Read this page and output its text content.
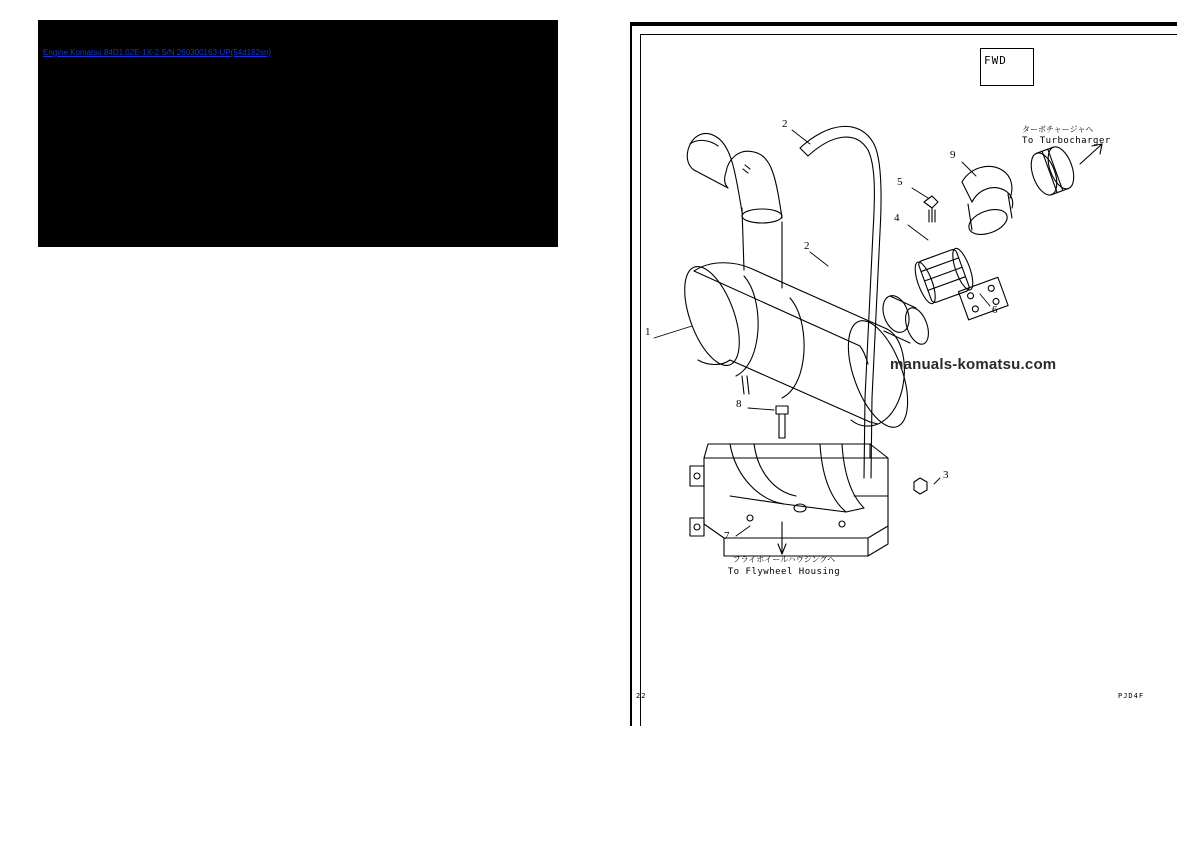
Engine Komatsu 84D1.02E-1X-2 S/N 260300163-UP(54d182sn)
FWD
manuals-komatsu.com
1
2
2
3
4
5
6
7
8
9
ターボチャージャへ
To Turbocharger
フライホイールハウジングへ
To Flywheel Housing
22	PJD4F
